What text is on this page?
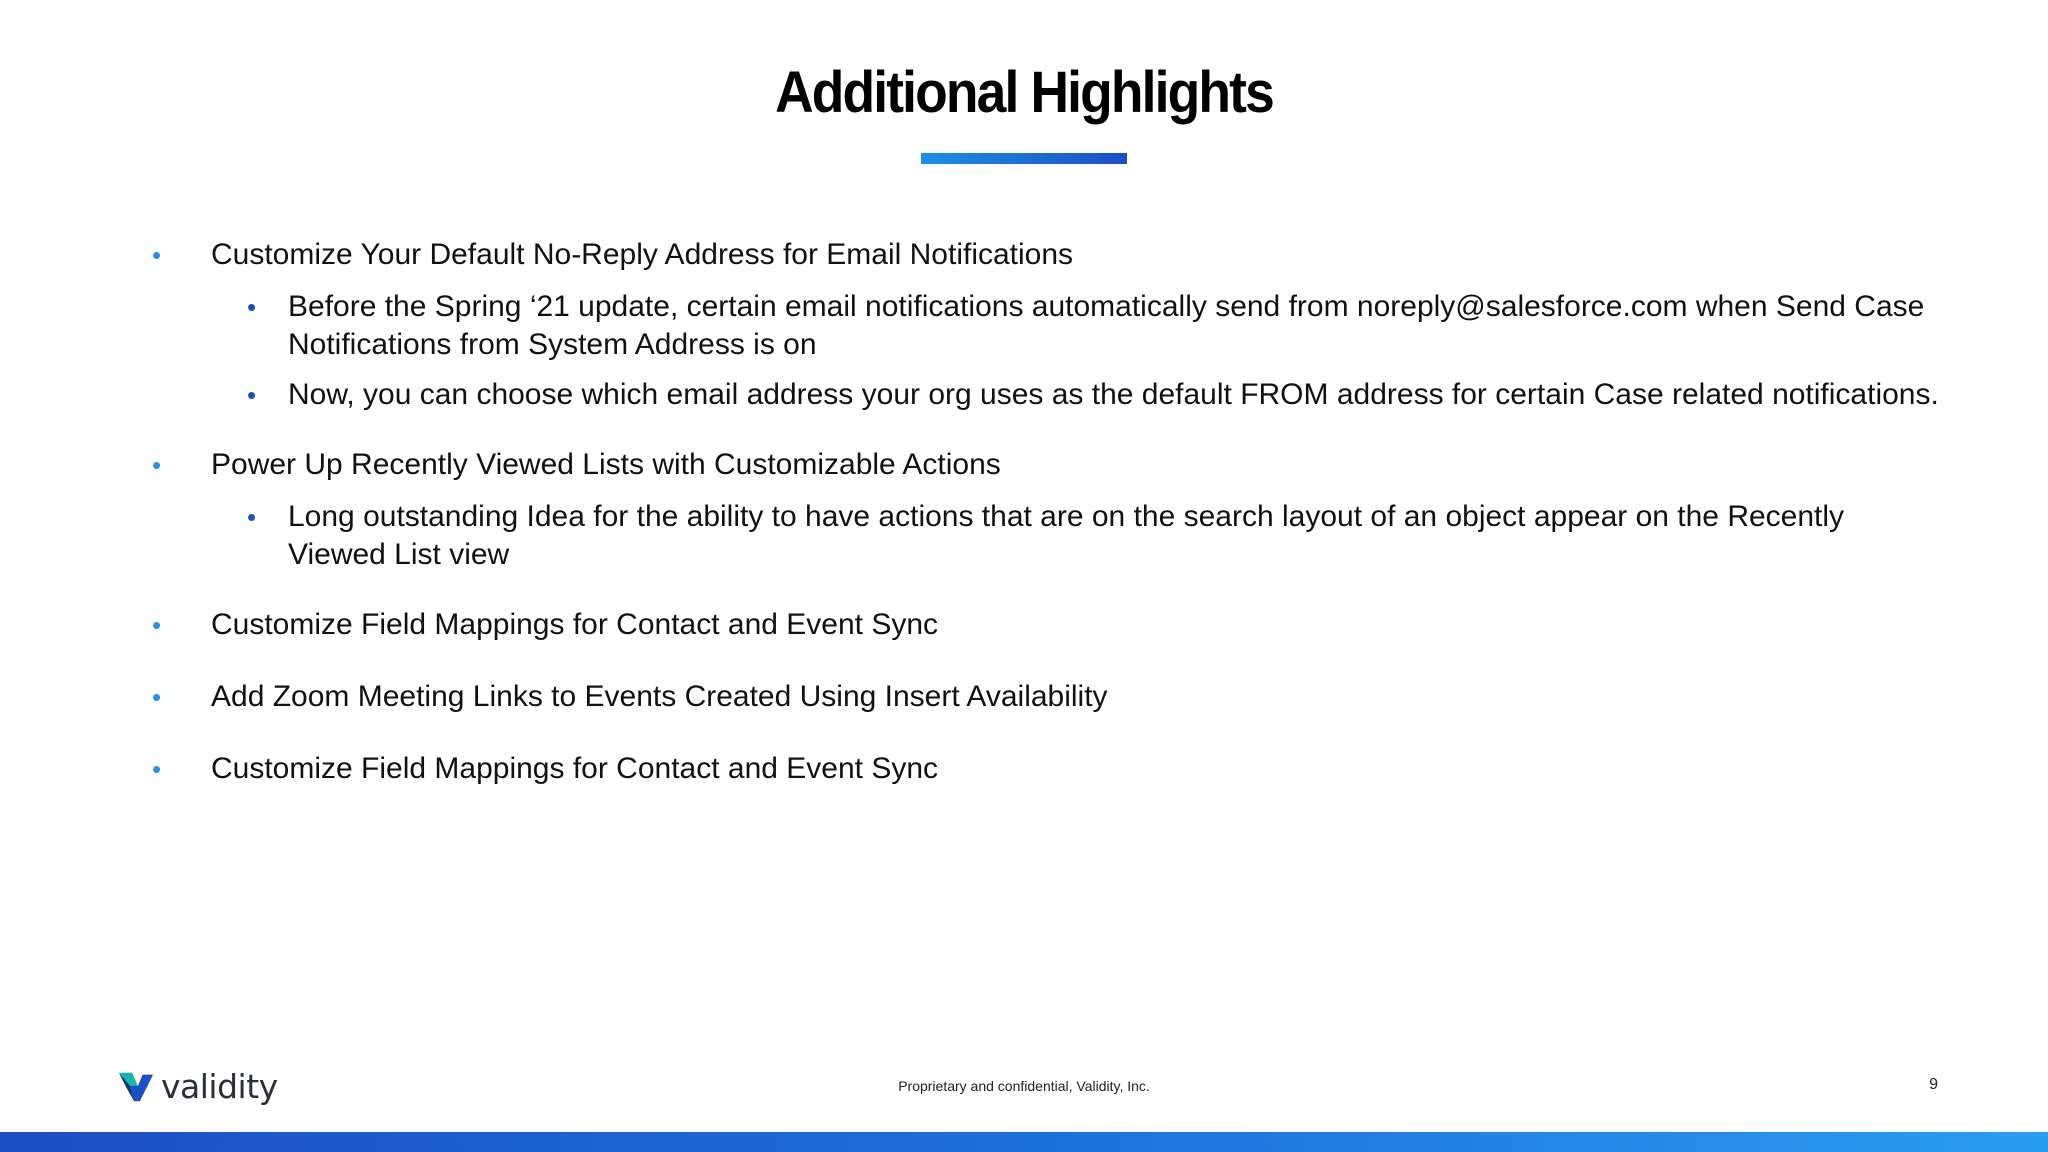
Additional Highlights
• Customize Your Default No-Reply Address for Email Notifications
• Before the Spring ‘21 update, certain email notifications automatically send from noreply@salesforce.com when Send Case Notifications from System Address is on
• Now, you can choose which email address your org uses as the default FROM address for certain Case related notifications.
• Power Up Recently Viewed Lists with Customizable Actions
• Long outstanding Idea for the ability to have actions that are on the search layout of an object appear on the Recently Viewed List view
• Customize Field Mappings for Contact and Event Sync
• Add Zoom Meeting Links to Events Created Using Insert Availability
• Customize Field Mappings for Contact and Event Sync
validity	Proprietary and confidential, Validity, Inc.	9
